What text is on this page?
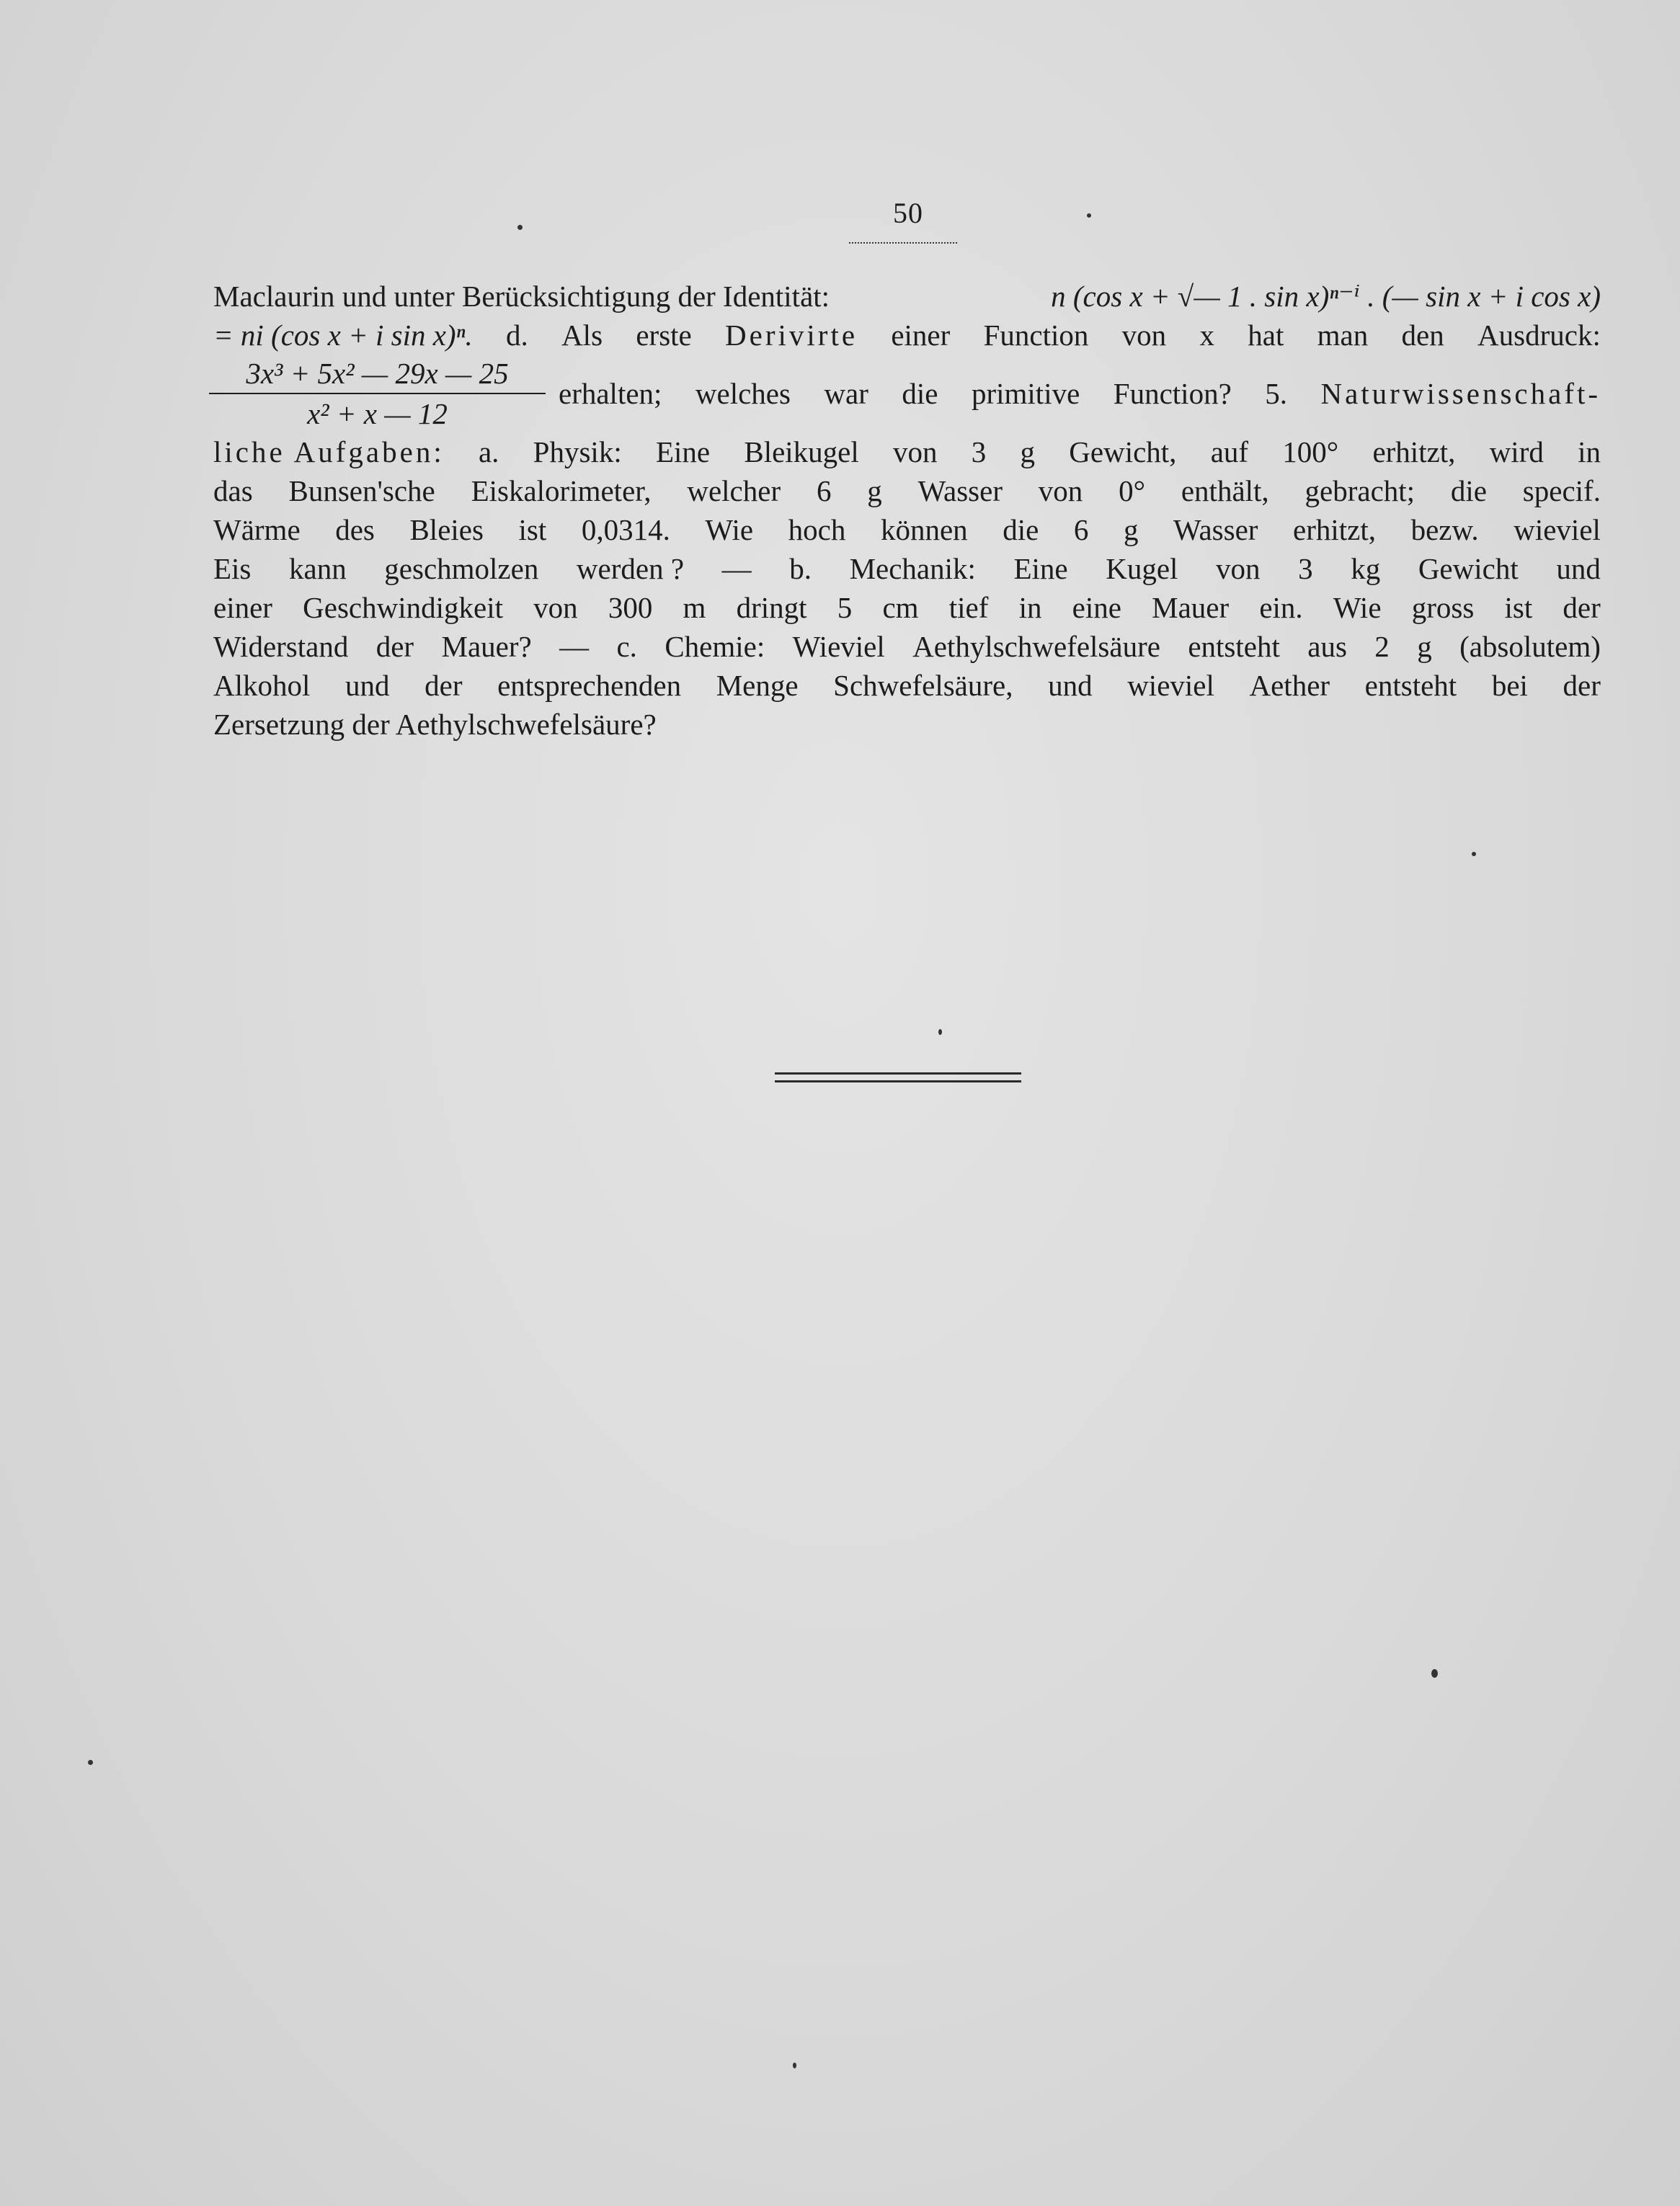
50
Maclaurin und unter Berücksichtigung der Identität:	n (cos x + √— 1 . sin x)ⁿ⁻ⁱ . (— sin x + i cos x)
= ni (cos x + i sin x)ⁿ. d. Als erste Derivirte einer Function von x hat man den Ausdruck:
$\frac{\text{3x³ + 5x² — 29x — 25}}{\text{x² + x — 12}}$ erhalten; welches war die primitive Function? 5. Naturwissenschaft-
liche Aufgaben: a. Physik: Eine Bleikugel von 3 g Gewicht, auf 100° erhitzt, wird in
das Bunsen'sche Eiskalorimeter, welcher 6 g Wasser von 0° enthält, gebracht; die specif.
Wärme des Bleies ist 0,0314. Wie hoch können die 6 g Wasser erhitzt, bezw. wieviel
Eis kann geschmolzen werden ? — b. Mechanik: Eine Kugel von 3 kg Gewicht und
einer Geschwindigkeit von 300 m dringt 5 cm tief in eine Mauer ein. Wie gross ist der
Widerstand der Mauer? — c. Chemie: Wieviel Aethylschwefelsäure entsteht aus 2 g (absolutem)
Alkohol und der entsprechenden Menge Schwefelsäure, und wieviel Aether entsteht bei der
Zersetzung der Aethylschwefelsäure?
